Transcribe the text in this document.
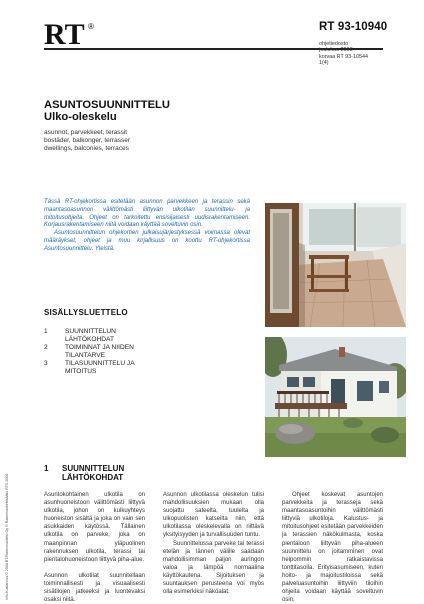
RT ®	RT 93-10940
ohjetiedosto
joulukuu 2008
korvaa RT 93-10544
1(4)
ASUNTOSUUNNITTELU
Ulko-oleskelu
asunnot, parvekkeet, terassit
bostäder, balkonger, terrasser
dwellings, balconies, terraces

Tässä RT-ohjekortissa esitetään asunnon parvekkeen ja terassin sekä maantasoasunnon välittömästi liittyvän ulkotilan suunnittelu- ja mitoitusohjeita. Ohjeet on tarkoitettu ensisijaisesti uudisrakentamiseen. Korjausrakentamiseen niitä voidaan käyttää soveltuvin osin.

Asuntosuunnittelun ohjekortien julkaisujärjestyksessä voimassa olevat määräykset, ohjeet ja muu kirjallisuus on koottu RT-ohjekortissa Asuntosuunnittelu. Yleistä.

SISÄLLYSLUETTELO
1	SUUNNITTELUN
LÄHTÖKOHDAT
2	TOIMINNAT JA NIIDEN
TILANTARVE
3	TILASUUNNITTELU JA
MITOITUS
1 SUUNNITTELUN
LÄHTÖKOHDAT
Asuntokohtainen ulkotila on asunhuoneistoon välittömästi liittyvä ulkotila, johon on kulkuyhteys huoneiston sisältä ja joka on vain sen asukkaiden käytössä. Tällainen ulkotila on parveke, joka on maanpinnan yläpuolinen rakennuksen ulkotila, terassi tai pientalohuoneistoon liittyvä piha-alue.
Asunnon ulkotilat suunnitellaan toiminnallisesti ja visuaalisesti sisätilojen jatkeeksi ja luontevaksi osaksi niitä.
Asunnon ulkotilassa oleskelun tulisi mahdollisuuksien mukaan olla suojattu sateelta, tuulelta ja ulkopuolisten katseilta niin, että ulkotilassa oleskelevalla on riittävä yksityisyyden ja turvallisuuden tuntu.
Suunnittelussa parveke tai terassi etelän ja lännen välille saadaan mahdollisimman paljon auringon valoa ja lämpöä normaalina käyttökautena. Sijoituksen ja suuntauksen perusteena voi myös olla esimerkiksi näköalat.
Ohjeet koskevat asuntojen parvekkeita ja terasseja sekä maantasoasuntoihin välittömästi liittyviä ulkotiloja. Kalustus- ja mitoitusohjeet esitetään parvekkeiden ja terassien näkökulmasta, koska pientaloon liittyvän piha-alueen suunnittelu on joitamminen ovat helpommin ratkaistavissa tonttitasolla. Erityisasumiseen, kuten hoito- ja majoitustiloissa sekä palveluasuntoihin liittyviin tiloihin ohjeita voidaan käyttää soveltuvin osin.
Info-Kustannus © 2008 RT/Rakennustieto Oy © Rakennustietosäätiö RTS 2008
